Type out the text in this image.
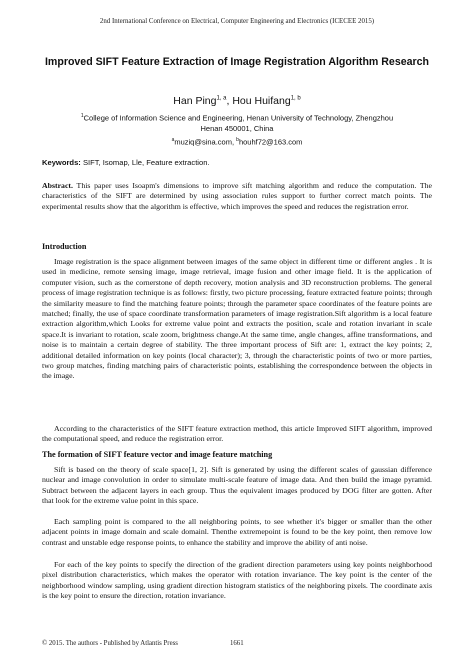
2nd International Conference on Electrical, Computer Engineering and Electronics (ICECEE 2015)
Improved SIFT Feature Extraction of Image Registration Algorithm Research
Han Ping$^{1, a}$, Hou Huifang$^{1, b}$
$^1$College of Information Science and Engineering, Henan University of Technology, Zhengzhou
Henan 450001, China
$^a$muziq@sina.com, $^b$houhf72@163.com
Keywords: SIFT, Isomap, Lle, Feature extraction.
Abstract. This paper uses Isoapm's dimensions to improve sift matching algorithm and reduce the computation. The characteristics of the SIFT are determined by using association rules support to further correct match points. The experimental results show that the algorithm is effective, which improves the speed and reduces the registration error.
Introduction
Image registration is the space alignment between images of the same object in different time or different angles . It is used in medicine, remote sensing image, image retrieval, image fusion and other image field. It is the application of computer vision, such as the cornerstone of depth recovery, motion analysis and 3D reconstruction problems. The general process of image registration technique is as follows: firstly, two picture processing, feature extracted feature points; through the similarity measure to find the matching feature points; through the parameter space coordinates of the feature points are matched; finally, the use of space coordinate transformation parameters of image registration.Sift algorithm is a local feature extraction algorithm,which Looks for extreme value point and extracts the position, scale and rotation invariant in scale space.It is invariant to rotation, scale zoom, brightness change.At the same time, angle changes, affine transformations, and noise is to maintain a certain degree of stability. The three important process of Sift are: 1, extract the key points; 2, additional detailed information on key points (local character); 3, through the characteristic points of two or more parties, two group matches, finding matching pairs of characteristic points, establishing the correspondence between the objects in the image.
According to the characteristics of the SIFT feature extraction method, this article Improved SIFT algorithm, improved the computational speed, and reduce the registration error.
The formation of SIFT feature vector and image feature matching
Sift is based on the theory of scale space[1, 2]. Sift is generated by using the different scales of gaussian difference nuclear and image convolution in order to simulate multi-scale feature of image data. And then build the image pyramid. Subtract between the adjacent layers in each group. Thus the equivalent images produced by DOG filter are gotten. After that look for the extreme value point in this space.
Each sampling point is compared to the all neighboring points, to see whether it's bigger or smaller than the other adjacent points in image domain and scale domainl. Thenthe extremepoint is found to be the key point, then remove low contrast and unstable edge response points, to enhance the stability and improve the ability of anti noise.
For each of the key points to specify the direction of the gradient direction parameters using key points neighborhood pixel distribution characteristics, which makes the operator with rotation invariance. The key point is the center of the neighborhood window sampling, using gradient direction histogram statistics of the neighboring pixels. The coordinate axis is the key point to ensure the direction, rotation invariance.
© 2015. The authors - Published by Atlantis Press	1661
